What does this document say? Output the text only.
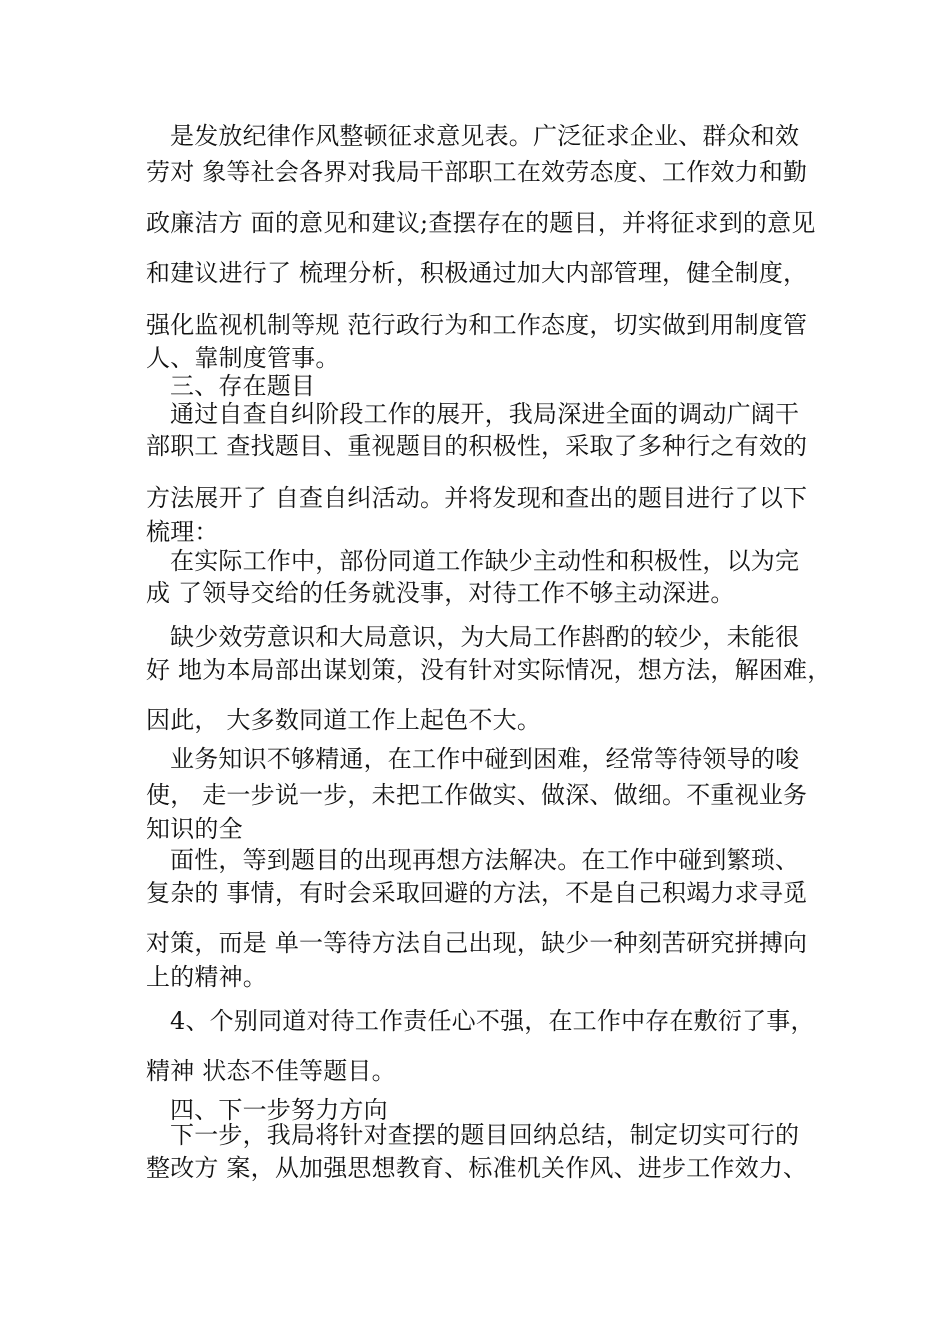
是发放纪律作风整顿征求意见表。广泛征求企业、群众和效
劳对 象等社会各界对我局干部职工在效劳态度、工作效力和勤
政廉洁方 面的意见和建议;查摆存在的题目，并将征求到的意见
和建议进行了 梳理分析，积极通过加大内部管理，健全制度，
强化监视机制等规 范行政行为和工作态度，切实做到用制度管
人、靠制度管事。
三、存在题目
通过自查自纠阶段工作的展开，我局深进全面的调动广阔干
部职工 查找题目、重视题目的积极性，采取了多种行之有效的
方法展开了 自查自纠活动。并将发现和查出的题目进行了以下
梳理：
在实际工作中，部份同道工作缺少主动性和积极性，以为完
成 了领导交给的任务就没事，对待工作不够主动深进。
缺少效劳意识和大局意识，为大局工作斟酌的较少，未能很
好 地为本局部出谋划策，没有针对实际情况，想方法，解困难，
因此， 大多数同道工作上起色不大。
业务知识不够精通，在工作中碰到困难，经常等待领导的唆
使， 走一步说一步，未把工作做实、做深、做细。不重视业务
知识的全
面性，等到题目的出现再想方法解决。在工作中碰到繁琐、
复杂的 事情，有时会采取回避的方法，不是自己积竭力求寻觅
对策，而是 单一等待方法自己出现，缺少一种刻苦研究拼搏向
上的精神。
4、个别同道对待工作责任心不强，在工作中存在敷衍了事，
精神 状态不佳等题目。
四、下一步努力方向
下一步，我局将针对查摆的题目回纳总结，制定切实可行的
整改方 案，从加强思想教育、标准机关作风、进步工作效力、
